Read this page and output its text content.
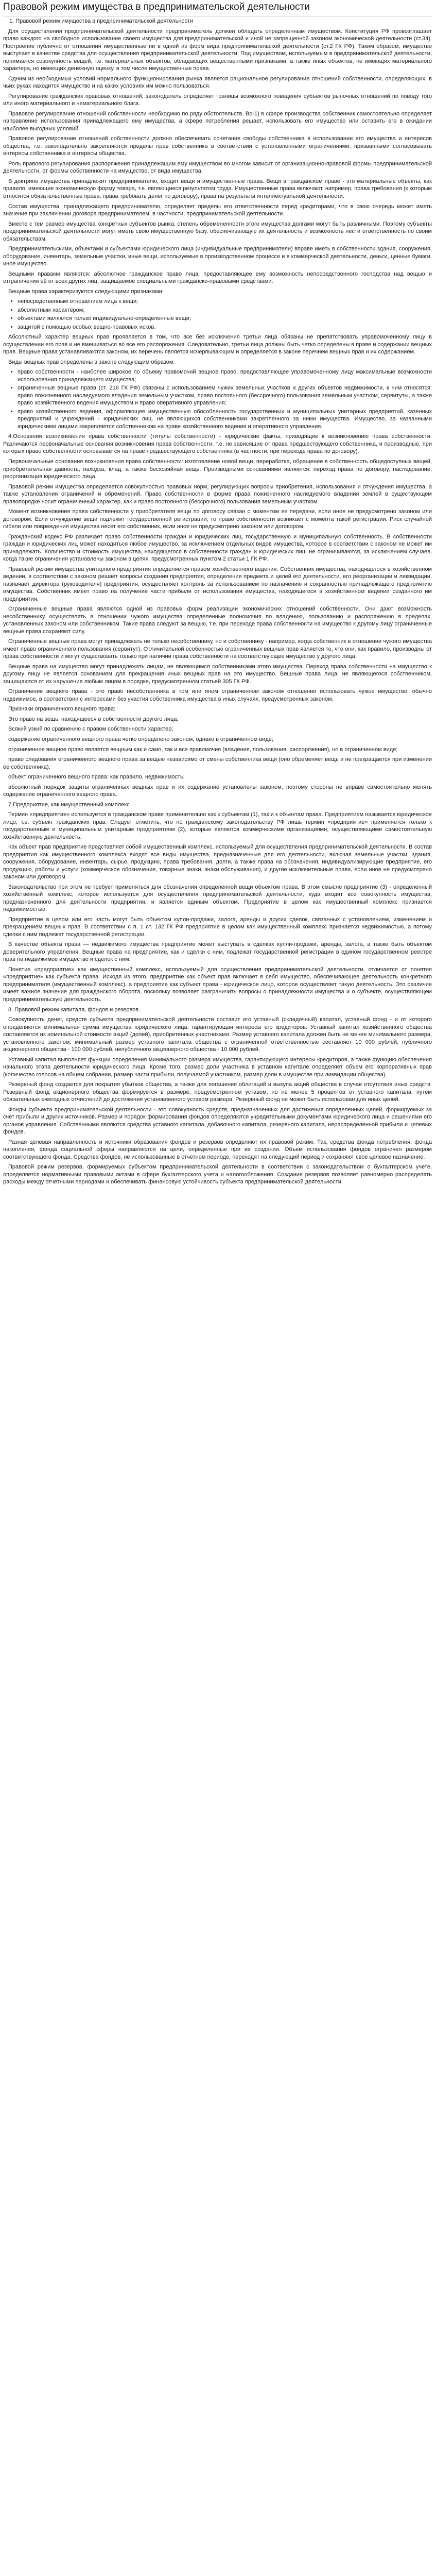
Правовой режим имущества в предпринимательской деятельности

1. Правовой режим имущества в предпринимательской деятельности

Для осуществления предпринимательской деятельности предприниматель должен обладать определенным имуществом. Конституция РФ провозглашает право каждого на свободное использование своего имущества для предпринимательской и иной не запрещенной законом экономической деятельности (ст.34). Построение публично от отношения имущественные ни в одной из форм вида предпринимательской деятельности (ст.2 ГК РФ). Таким образом, имущество выступает в качестве средства для осуществления предпринимательской деятельности. Под имуществом, используемым в предпринимательской деятельности, понимается совокупность вещей, т.е. материальных объектов, обладающих вещественными признаками, а также иных объектов, не имеющих материального характера, но имеющих денежную оценку, в том числе имущественные права.

Одним из необходимых условий нормального функционирования рынка является рациональное регулирование отношений собственности, определяющих, в чьих руках находится имущество и на каких условиях им можно пользоваться.

Регулирование гражданских правовых отношений, законодатель определяет границы возможного поведения субъектов рыночных отношений по поводу того или иного материального и нематериального блага.

Правовое регулирование отношений собственности необходимо по ряду обстоятельств. Во-1) в сфере производства собственник самостоятельно определяет направление использования принадлежащего ему имущества, а сфере потребления решает, использовать его имущество или оставить его в ожидании наиболее выгодных условий.

Правовое регулирование отношений собственности должно обеспечивать сочетание свободы собственника в использовании его имущества и интересов общества, т.е. законодательно закрепляются пределы прав собственника в соответствии с установленными ограничениями, призванными согласовывать интересы собственника и интересы общества.

Роль правового регулирования распоряжения принадлежащим ему имуществом во многом зависит от организационно-правовой формы предпринимательской деятельности, от формы собственности на имущество, от вида имущества.

В доктрине имущества принадлежит предпринимателю, входит вещи и имущественные права. Вещи в гражданском праве - это материальные объекты, как правило, имеющие экономическую форму товара, т.е. являющиеся результатом труда. Имущественные права включают, например, права требования (к которым относятся обязательственные права, права требовать денег по договору), права на результаты интеллектуальной деятельности.

Состав имущества, принадлежащего предпринимателю, определяет пределы его ответственности перед кредиторами, что в свою очередь может иметь значение при заключении договора предпринимателем, в частности, предпринимательской деятельности.

Вместе с тем размер имущества конкретных субъектов рынка, степень обремененности этого имущества долгами могут быть различными. Поэтому субъекты предпринимательской деятельности могут иметь свою имущественную базу, обеспечивающую их деятельность и возможность нести ответственность по своим обязательствам.

Предпринимательскими, объектами и субъектами юридического лица (индивидуальные предприниматели) вправе иметь в собственности здания, сооружения, оборудование, инвентарь, земельные участки, иные вещи, используемые в производственном процессе и в коммерческой деятельности, деньги, ценные бумаги, иное имущество.

Вещными правами являются: абсолютное гражданское право лица, предоставляющее ему возможность непосредственного господства над вещью и отграничения её от всех других лиц, защищаемое специальными гражданско-правовыми средствами.

Вещные права характеризуются следующими признаками:

• непосредственным отношением лица к вещи;
• абсолютным характером;
• объектами являются только индивидуально-определенные вещи;
• защитой с помощью особых вещно-правовых исков.

Абсолютный характер вещных прав проявляется в том, что все без исключения третьи лица обязаны не препятствовать управомоченному лицу в осуществлении его прав и не вмешиваться во все его распоряжения. Следовательно, третьи лица должны быть четко определены в праве и содержании вещных прав. Вещные права устанавливаются законом, их перечень является исчерпывающим и определяется в законе перечнем вещных прав и их содержанием.

Виды вещных прав определены в законе следующим образом:

• право собственности - наиболее широкое по объему правомочий вещное право, предоставляющее управомоченному лицу максимальные возможности использования принадлежащего имущества;
• ограниченные вещные права (ст. 216 ГК РФ) связаны с использованием чужих земельных участков и других объектов недвижимости, к ним относятся: право пожизненного наследуемого владения земельным участком, право постоянного (бессрочного) пользования земельным участком, сервитуты, а также право хозяйственного ведения имуществом и право оперативного управления;
• право хозяйственного ведения, оформляющее имущественную обособленность государственных и муниципальных унитарных предприятий, казенных предприятий и учреждений - юридических лиц, не являющихся собственниками закрепленного за ними имущества. Имущество, за названными юридическими лицами закрепляется собственником на праве хозяйственного ведения и оперативного управления.

4.Основания возникновения права собственности (титулы собственности) - юридические факты, приводящие к возникновению права собственности. Различаются первоначальные основания возникновения права собственности, т.е. не зависящие от права предшествующего собственника, и производные, при которых право собственности основывается на праве предшествующего собственника (в частности, при переходе права по договору).

Первоначальные основания возникновения права собственности: изготовление новой вещи, переработка, обращение в собственность общедоступных вещей, приобретательная давность, находка, клад, а также бесхозяйная вещь. Производными основаниями являются: переход права по договору, наследование, реорганизация юридического лица.

Правовой режим имущества определяется совокупностью правовых норм, регулирующих вопросы приобретения, использования и отчуждения имущества, а также установления ограничений и обременений. Право собственности в форме права пожизненного наследуемого владения землей в существующем правопорядке носит ограниченный характер, как и право постоянного (бессрочного) пользования земельным участком.

Момент возникновения права собственности у приобретателя вещи по договору связан с моментом ее передачи, если иное не предусмотрено законом или договором. Если отчуждение вещи подлежит государственной регистрации, то право собственности возникает с момента такой регистрации. Риск случайной гибели или повреждения имущества несет его собственник, если иное не предусмотрено законом или договором.

Гражданский кодекс РФ различает право собственности граждан и юридических лиц, государственную и муниципальную собственность. В собственности граждан и юридических лиц может находиться любое имущество, за исключением отдельных видов имущества, которое в соответствии с законом не может им принадлежать. Количество и стоимость имущества, находящегося в собственности граждан и юридических лиц, не ограничиваются, за исключением случаев, когда такие ограничения установлены законом в целях, предусмотренных пунктом 2 статьи 1 ГК РФ.

Правовой режим имущества унитарного предприятия определяется правом хозяйственного ведения. Собственник имущества, находящегося в хозяйственном ведении, в соответствии с законом решает вопросы создания предприятия, определения предмета и целей его деятельности, его реорганизации и ликвидации, назначает директора (руководителя) предприятия, осуществляет контроль за использованием по назначению и сохранностью принадлежащего предприятию имущества. Собственник имеет право на получение части прибыли от использования имущества, находящегося в хозяйственном ведении созданного им предприятия.

Ограниченные вещные права являются одной из правовых форм реализации экономических отношений собственности. Они дают возможность несобственнику осуществлять в отношении чужого имущества определенные полномочия по владению, пользованию и распоряжению в пределах, установленных законом или собственником. Такие права следуют за вещью, т.е. при переходе права собственности на имущество к другому лицу ограниченные вещные права сохраняют силу.

Ограниченные вещные права могут принадлежать не только несобственнику, но и собственнику - например, когда собственник в отношении чужого имущества имеет право ограниченного пользования (сервитут). Отличительной особенностью ограниченных вещных прав является то, что они, как правило, производны от права собственности и могут существовать только при наличии права собственности на соответствующее имущество у другого лица.

Вещные права на имущество могут принадлежать лицам, не являющимся собственниками этого имущества. Переход права собственности на имущество к другому лицу не является основанием для прекращения иных вещных прав на это имущество. Вещные права лица, не являющегося собственником, защищаются от их нарушения любым лицом в порядке, предусмотренном статьей 305 ГК РФ.

Ограничение вещного права - это право несобственника в том или ином ограниченном законом отношении использовать чужое имущество, обычно недвижимое, в соответствии с интересами без участия собственника имущества в иных случаях, предусмотренных законом.

Признаки ограниченного вещного права:

Это право на вещь, находящееся в собственности другого лица;

Всякий узкий по сравнению с правом собственности характер;

содержание ограниченного вещного права четко определено законом, однако в ограниченном виде;

ограниченное вещное право является вещным как и само, так и все правомочия (владения, пользования, распоряжения), но в ограниченном виде;

право следования ограниченного вещного права за вещью независимо от смены собственника вещи (оно обременяет вещь и не прекращается при изменении ее собственника);

объект ограниченного вещного права: как правило, недвижимость;

абсолютный порядок защиты ограниченных вещных прав и их содержание установлены законом, поэтому стороны не вправе самостоятельно менять содержание ограниченного вещного права.

7.Предприятие, как имущественный комплекс

Термин «предприятие» используется в гражданском праве применительно как к субъектам (1), так и к объектам права. Предприятием называется юридическое лицо, т.е. субъект гражданских прав. Следует отметить, что по гражданскому законодательству РФ лишь термин «предприятие» применяется только к государственным и муниципальным унитарным предприятиям (2), которые являются коммерческими организациями, осуществляющими самостоятельную хозяйственную деятельность.

Как объект прав предприятие представляет собой имущественный комплекс, используемый для осуществления предпринимательской деятельности. В состав предприятия как имущественного комплекса входят все виды имущества, предназначенные для его деятельности, включая земельные участки, здания, сооружения, оборудование, инвентарь, сырье, продукцию, права требования, долги, а также права на обозначения, индивидуализирующие предприятие, его продукцию, работы и услуги (коммерческое обозначение, товарные знаки, знаки обслуживания), и другие исключительные права, если иное не предусмотрено законом или договором.

Законодательство при этом не требует применяться для обозначения определенной вещи объектом права. В этом смысле предприятие (3) - определенный хозяйственный комплекс, которое используется для осуществления предпринимательской деятельности, куда входят все совокупность имущества, предназначенного для деятельности предприятия, и является единым объектом. Предприятие в целом как имущественный комплекс признается недвижимостью.

Предприятие в целом или его часть могут быть объектом купли-продажи, залога, аренды и других сделок, связанных с установлением, изменением и прекращением вещных прав. В соответствии с п. 1 ст. 132 ГК РФ предприятие в целом как имущественный комплекс признается недвижимостью, а потому сделки с ним подлежат государственной регистрации.

В качестве объекта права — недвижимого имущества предприятие может выступать в сделках купли-продажи, аренды, залога, а также быть объектом доверительного управления. Вещные права на предприятие, как и сделки с ним, подлежат государственной регистрации в едином государственном реестре прав на недвижимое имущество и сделок с ним.

Понятие «предприятие» как имущественный комплекс, используемый для осуществления предпринимательской деятельности, отличается от понятия «предприятие» как субъекта права. Исходя из этого, предприятие как объект прав включает в себя имущество, обеспечивающее деятельность конкретного предпринимателя (имущественный комплекс), а предприятие как субъект права - юридическое лицо, которое осуществляет такую деятельность. Это различие имеет важное значение для гражданского оборота, поскольку позволяет разграничить вопросы о принадлежности имущества и о субъекте, осуществляющем предпринимательскую деятельность.

8. Правовой режим капитала, фондов и резервов.

Совокупность денег, средств субъекта предпринимательской деятельности составит его уставный (складочный) капитал, уставный фонд - и от которого определяются минимальная сумма имущества юридического лица, гарантирующая интересы его кредиторов. Уставный капитал хозяйственного общества составляется из номинальной стоимости акций (долей), приобретенных участниками. Размер уставного капитала должен быть не менее минимального размера, установленного законом; минимальный размер уставного капитала общества с ограниченной ответственностью составляет 10 000 рублей, публичного акционерного общества - 100 000 рублей, непубличного акционерного общества - 10 000 рублей.

Уставный капитал выполняет функции определения минимального размера имущества, гарантирующего интересы кредиторов, а также функцию обеспечения начального этапа деятельности юридического лица. Кроме того, размер доли участника в уставном капитале определяет объем его корпоративных прав (количество голосов на общем собрании, размер части прибыли, получаемой участником, размер доли в имуществе при ликвидации общества).

Резервный фонд создается для покрытия убытков общества, а также для погашения облигаций и выкупа акций общества в случае отсутствия иных средств. Резервный фонд акционерного общества формируется в размере, предусмотренном уставом, но не менее 5 процентов от уставного капитала, путем обязательных ежегодных отчислений до достижения установленного уставом размера. Резервный фонд не может быть использован для иных целей.

Фонды субъекта предпринимательской деятельности - это совокупность средств, предназначенных для достижения определенных целей, формируемых за счет прибыли и других источников. Размер и порядок формирования фондов определяются учредительными документами юридического лица и решениями его органов управления. Собственными являются средства уставного капитала, добавочного капитала, резервного капитала, нераспределенной прибыли и целевых фондов.

Разная целевая направленность и источники образования фондов и резервов определяют их правовой режим. Так, средства фонда потребления, фонда накопления, фонда социальной сферы направляются на цели, определенные при их создании. Объем использования фондов ограничен размером соответствующего фонда. Средства фондов, не использованные в отчетном периоде, переходят на следующий период и сохраняют свое целевое назначение.

Правовой режим резервов, формируемых субъектом предпринимательской деятельности в соответствии с законодательством о бухгалтерском учете, определяется нормативными правовыми актами в сфере бухгалтерского учета и налогообложения. Создание резервов позволяет равномерно распределять расходы между отчетными периодами и обеспечивать финансовую устойчивость субъекта предпринимательской деятельности.
